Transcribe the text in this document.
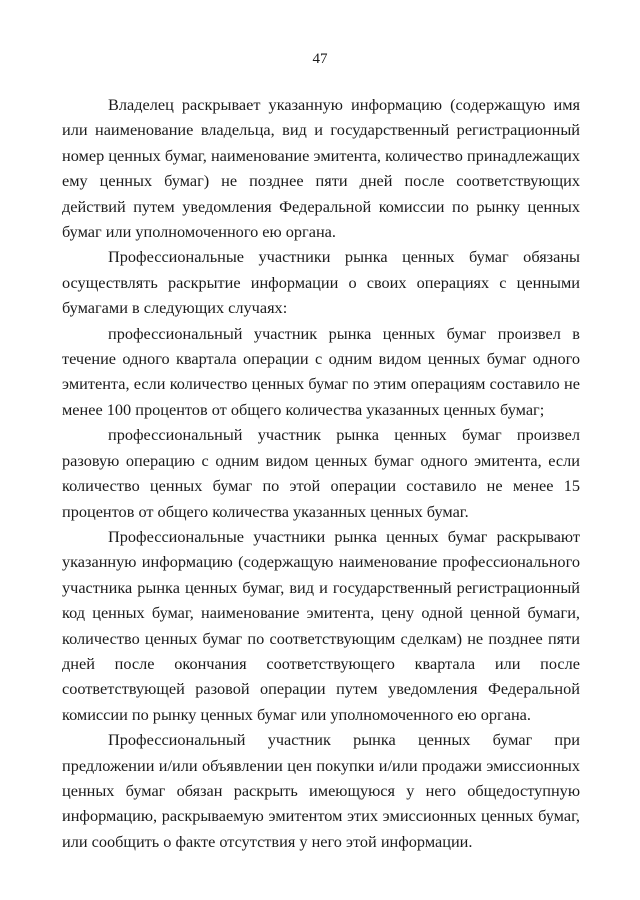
47

Владелец раскрывает указанную информацию (содержащую имя или наименование владельца, вид и государственный регистрационный номер ценных бумаг, наименование эмитента, количество принадлежащих ему ценных бумаг) не позднее пяти дней после соответствующих действий путем уведомления Федеральной комиссии по рынку ценных бумаг или уполномоченного ею органа.

Профессиональные участники рынка ценных бумаг обязаны осуществлять раскрытие информации о своих операциях с ценными бумагами в следующих случаях:

профессиональный участник рынка ценных бумаг произвел в течение одного квартала операции с одним видом ценных бумаг одного эмитента, если количество ценных бумаг по этим операциям составило не менее 100 процентов от общего количества указанных ценных бумаг;

профессиональный участник рынка ценных бумаг произвел разовую операцию с одним видом ценных бумаг одного эмитента, если количество ценных бумаг по этой операции составило не менее 15 процентов от общего количества указанных ценных бумаг.

Профессиональные участники рынка ценных бумаг раскрывают указанную информацию (содержащую наименование профессионального участника рынка ценных бумаг, вид и государственный регистрационный код ценных бумаг, наименование эмитента, цену одной ценной бумаги, количество ценных бумаг по соответствующим сделкам) не позднее пяти дней после окончания соответствующего квартала или после соответствующей разовой операции путем уведомления Федеральной комиссии по рынку ценных бумаг или уполномоченного ею органа.

Профессиональный участник рынка ценных бумаг при предложении и/или объявлении цен покупки и/или продажи эмиссионных ценных бумаг обязан раскрыть имеющуюся у него общедоступную информацию, раскрываемую эмитентом этих эмиссионных ценных бумаг, или сообщить о факте отсутствия у него этой информации.
